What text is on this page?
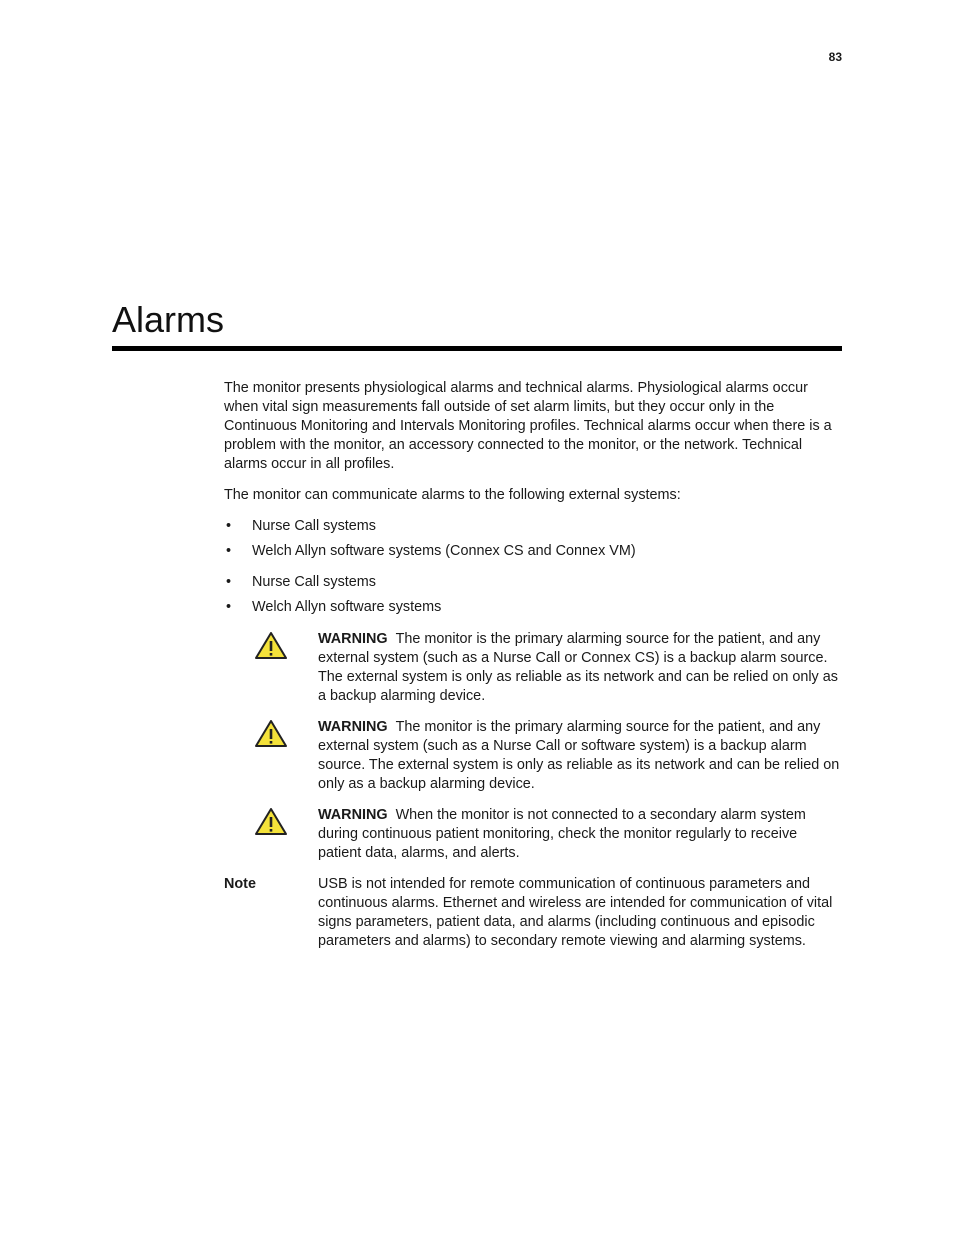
83
Alarms

The monitor presents physiological alarms and technical alarms. Physiological alarms occur when vital sign measurements fall outside of set alarm limits, but they occur only in the Continuous Monitoring and Intervals Monitoring profiles. Technical alarms occur when there is a problem with the monitor, an accessory connected to the monitor, or the network. Technical alarms occur in all profiles.

The monitor can communicate alarms to the following external systems:

• Nurse Call systems
• Welch Allyn software systems (Connex CS and Connex VM)
• Nurse Call systems
• Welch Allyn software systems
WARNING The monitor is the primary alarming source for the patient, and any external system (such as a Nurse Call or Connex CS) is a backup alarm source. The external system is only as reliable as its network and can be relied on only as a backup alarming device.
WARNING The monitor is the primary alarming source for the patient, and any external system (such as a Nurse Call or software system) is a backup alarm source. The external system is only as reliable as its network and can be relied on only as a backup alarming device.
WARNING When the monitor is not connected to a secondary alarm system during continuous patient monitoring, check the monitor regularly to receive patient data, alarms, and alerts.
Note	USB is not intended for remote communication of continuous parameters and continuous alarms. Ethernet and wireless are intended for communication of vital signs parameters, patient data, and alarms (including continuous and episodic parameters and alarms) to secondary remote viewing and alarming systems.
